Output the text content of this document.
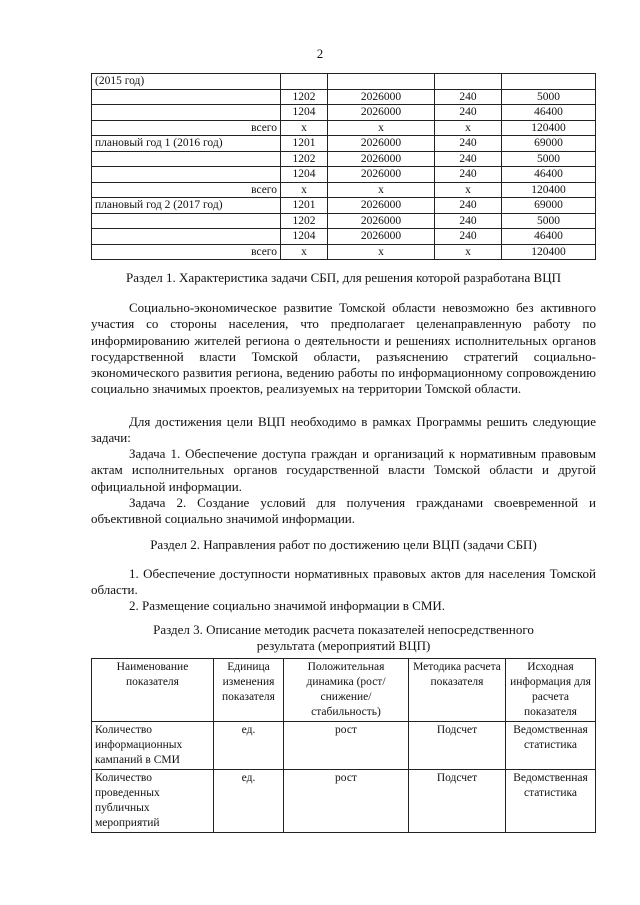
2
(2015 год)				
	1202	2026000	240	5000
	1204	2026000	240	46400
всего	x	x	x	120400
плановый год 1 (2016 год)	1201	2026000	240	69000
	1202	2026000	240	5000
	1204	2026000	240	46400
всего	x	x	x	120400
плановый год 2 (2017 год)	1201	2026000	240	69000
	1202	2026000	240	5000
	1204	2026000	240	46400
всего	x	x	x	120400
Раздел 1. Характеристика задачи СБП, для решения которой разработана ВЦП
Социально-экономическое развитие Томской области невозможно без активного участия со стороны населения, что предполагает целенаправленную работу по информированию жителей региона о деятельности и решениях исполнительных органов государственной власти Томской области, разъяснению стратегий социально-экономического развития региона, ведению работы по информационному сопровождению социально значимых проектов, реализуемых на территории Томской области.
Для достижения цели ВЦП необходимо в рамках Программы решить следующие задачи:
Задача 1. Обеспечение доступа граждан и организаций к нормативным правовым актам исполнительных органов государственной власти Томской области и другой официальной информации.
Задача 2. Создание условий для получения гражданами своевременной и объективной социально значимой информации.
Раздел 2. Направления работ по достижению цели ВЦП (задачи СБП)
1. Обеспечение доступности нормативных правовых актов для населения Томской области.
2. Размещение социально значимой информации в СМИ.
Раздел 3. Описание методик расчета показателей непосредственного
результата (мероприятий ВЦП)
Наименование показателя	Единица изменения показателя	Положительная динамика (рост/снижение/ стабильность)	Методика расчета показателя	Исходная информация для расчета показателя
Количество информационных кампаний в СМИ	ед.	рост	Подсчет	Ведомственная статистика
Количество проведенных публичных мероприятий	ед.	рост	Подсчет	Ведомственная статистика
